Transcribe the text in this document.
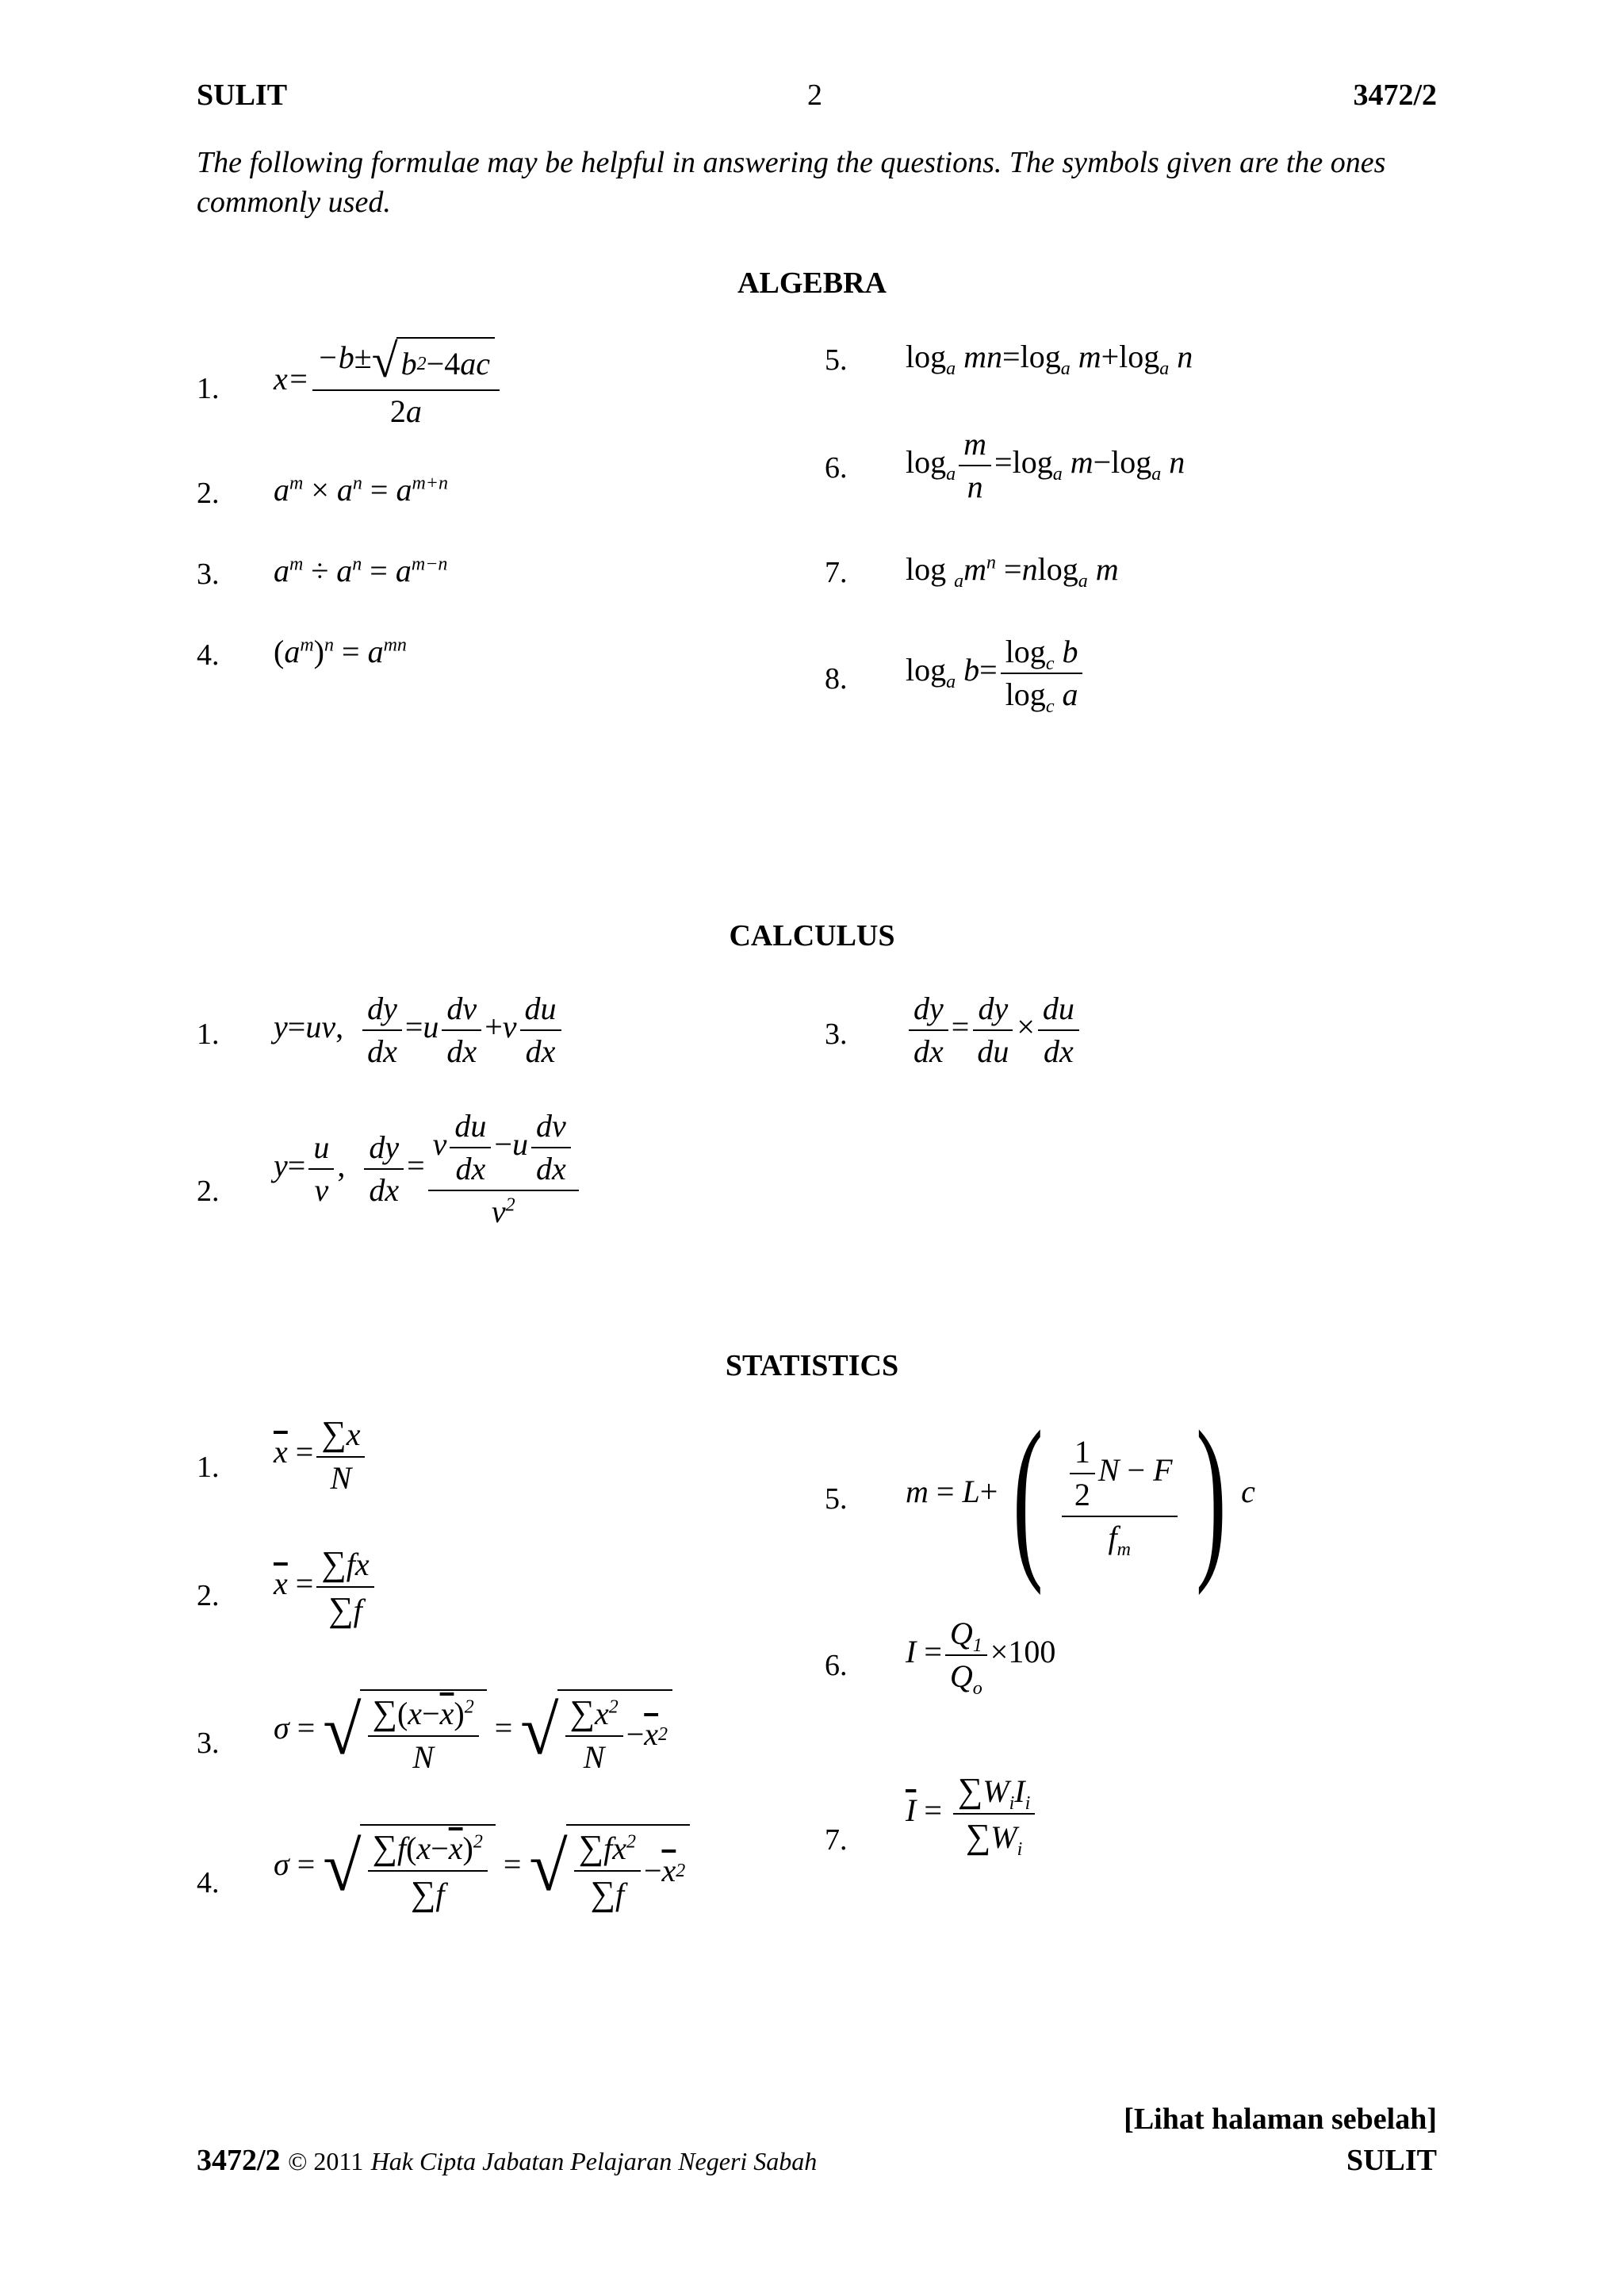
SULIT	2	3472/2
The following formulae may be helpful in answering the questions. The symbols given are the ones commonly used.
ALGEBRA
1. $x= \frac{-b\pm √ b 2 -4 ac}{2a}$
2. $a^m \times a^n = a^{m+n}$
3. $a^m \div a^n = a^{m-n}$
4. $(a^m)^n = a^{mn}$
5. $\log_a mn=\log_a$ $m+\log_a$ n
6. $\log_a \frac{m}{n} =\log_a$ $m-\log_a$ n
7. $\log _am^n =nlog_a$ m
8. $\log_a b= \frac{\log_c b}{\log_c a}$
CALCULUS
1. y=uv, $\frac{dy}{dx} =u \frac{dv}{dx} +v \frac{du}{dx}$
2.
$y= \frac{u}{v}$ , $\frac{dy}{dx} = \frac{v \frac{du}{dx} -u \frac{dv}{dx}}{v^2}$
3. $\frac{dy}{dx} = \frac{dy}{du} \times \frac{du}{dx}$
STATISTICS
1. $\overline{x} = \frac{\sum x}{N}$
2. $\overline{x} = \frac{\sum fx}{\sum f}$
3. σ = √ $\frac{\sum(x-\overline{x})^2}{N}$ = √ $\frac{\sum x^2}{N} - \overline{x}$ 2
4.
σ = √ $\frac{\sum f(x-\overline{x})^2}{\sum f}$ = √ $\frac{\sum fx^2}{\sum f} - \overline{x}$ 2
5. $m = L+( \frac{\frac{1}{2} N - F}{f_m}$ ) c
6. $I = \frac{Q_1}{Q_o} \times 100$
7.
$\overline{I} = \frac{\sum W_iI_i}{\sum W_i}$
[Lihat halaman sebelah]
3472/2 © 2011 Hak Cipta Jabatan Pelajaran Negeri Sabah	SULIT
